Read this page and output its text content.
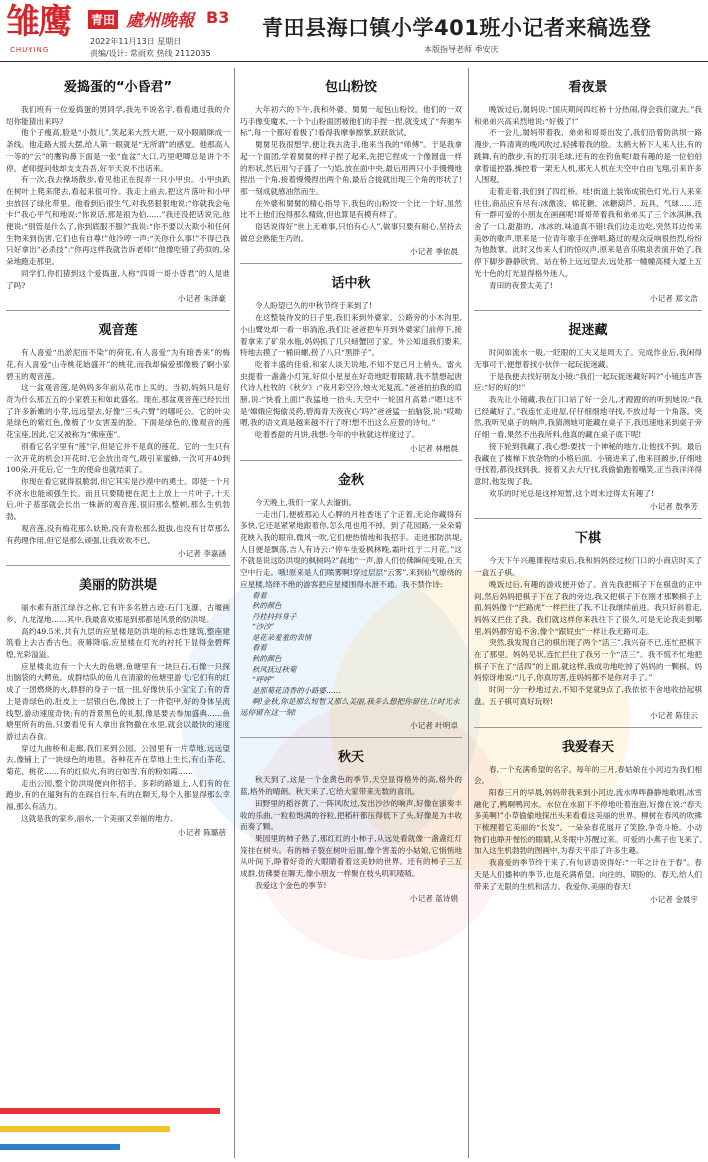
雏鹰
CHUYING
青田 處州晚報 B3
2022年11月13日 星期日
责编/设计: 常雨欢 热线 2112035
青田县海口镇小学401班小记者来稿选登
本版指导老师 季安庆
爱捣蛋的“小昏君”
我们班有一位爱捣蛋的男同学,我先不说名字,看看通过我的介绍你能猜出来吗?
他个子瘦高,脸是“小鼓儿”,笑起来大烈大堪,一双小眼睛眯成一条线。他走路大摇大摆,给人第一眼就是“无所谓”的感觉。他那高人一等的“云”的鹰钩鼻下面是一张“血盆”大口,巧里吧唧总是讲个不停。老师提问他却支支吾吾,好半天说不出话来。
有一次,我去操场散步,看见他正在捉弄一只小甲虫。小甲虫趴在树叶上爬来爬去,看起来很可怜。我走上前去,把这片落叶和小甲虫放回了绿化带里。他看到后很生气,对我恶狠狠地说:“你就我会龟卡!”我心平气和地说:“你说话,那是祖为伯……”我还没把话说完,他便说:“别管是什么了,你到底服不服?”我说:“你不要以大欺小和任何生物来到伤害,它们也有自尊!”他冷哼一声:“关你什么事!”不得已我只好拿出“必杀技”:“你再这样我就告诉老师!”他像吃错了药似的,朵朵地跑走那里。
同学们,你们猜到这个爱捣蛋,人称“四哥一哥小昏君”的人是谁了吗?
小记者 朱泽豪
观音莲
有人喜爱“出淤泥而不染”的荷花,有人喜爱“为有暗香来”的梅花,有人喜爱“山寺桃花始盛开”的桃花,而我却偏爱那像极了婀小家碧玉的观音莲。
这一盆观音莲,是妈妈多年前从花市上买的。当初,妈妈只是好奇为什么那五五的小家碧玉和如此盛名。现在,那盆观音莲已经长出了许多新嫩的小芽,远远望去,好像“三头六臂”的哪吒公。它的叶尖是绿色的紫红色,像极了少女害羞的脸。下面是绿色的,像观音的莲花宝座,因此,它又被称为“佛座莲”。
别看它名字里有“莲”字,但是它并不是真的莲花。它的一生只有一次开花的机会!开花时,它会放出奇气,吸引来蜜蜂,一次可开40到100朵,开花后,它一生的使命也就结束了。
你现在看它就得很脆弱,但它其实是沙漠中的勇士。即使一个月不浇水也能顽强生长。而且只要随便在泥土上放上一片叶子,十天后,叶子基部就会长出一株新的观音莲,很旧那么整顿,那么生机勃勃。
观音莲,没有梅花那么妖艳,没有青松那么挺拔,也没有甘草那么有药理作用,但它是那么顽强,让我欢欢不已。
小记者 李嘉涵
美丽的防洪堤
丽水素有浙江绿谷之称,它有许多名胜古迹:石门飞瀑、古堰画乡、九龙湿地……其中,我最喜欢那是到那都是风景的防洪堤。
高约49.5米,共有九层的应星楼是防洪堤的标志性建筑,整座建筑看上去古香古色。夜幕降临,应星楼在灯光的衬托下显得金碧辉煌,光彩溢溢。
应星楼北边有一个大大的鱼塘,鱼塘里有一块巨石,石像一只探出脑袋的大鳄鱼。成群结队的鱼儿在清澈的鱼塘里游弋:它们有的红成了一团燃烧的火,胖胖的身子一扭一扭,好像快乐小宝宝了;有的背上是青绿色的,肚皮上一层银白色,像披上了一件铠甲,好的身体呈流线型,游动速度奇快;有的背景黑色的礼服,像是要去参加盛典……鱼塘里所有的鱼,只要看见有人拿出食物撒在水里,就会以最快的速度游过去吞食。
穿过九曲桥和走廊,我们来到公园。公园里有一片草地,远远望去,像铺上了一块绿色的地毯。各种花卉在草地上生长,有山茶花、菊花、桃花……有的红似火,有的白如雪,有的粉如霞……
走出公园,整个防洪堤便向你招手。多彩的路道上,人们有的在跑步,有的在遛狗有的在踩自行车,有的在聊天,每个人都显得那么幸福,那么有活力。
这就是我的家乡,丽水,一个美丽又幸福的地方。
小记者 陈璐蓓
包山粉饺
大年初六的下午,我和外婆、舅舅一起包山粉饺。他们的一双巧手像变魔术,一个个山粉面团被他们的手捏一捏,就变成了“奔驰车标”,每一个都好看极了!看得我摩拳擦掌,跃跃欲试。
舅舅见我很想学,便让我去洗手,他来当我的“师傅”。于是我拿起一个面团,学着舅舅的样子捏了起来,先把它捏成一个像圆盘一样的形状,然后用勺子盛了一勺馅,放在面中央,最后用两只小手慢慢地捏出一个角,接着慢慢捏出两个角,最后合拢就出现三个角的形状了!那一刻成就感油然而生。
在外婆和舅舅的精心指导下,我包的山粉饺一个比一个好,虽然比不上他们包得那么精致,但也算是有模有样了。
俗话说得好“世上无难事,只怕有心人”,做事只要有耐心,坚持去做总会熟能生巧的。
小记者 季依晨
话中秋
令人盼望已久的中秋节终于来到了!
在这整装待发的日子里,我们来到外婆家。公路旁的小木沟里,小山鹭处却一看一串淌泡,我们让爸爸把车开到外婆家门前停下,接着拿来了矿泉水瓶,妈妈抓了几只螃蟹回了家。外公知道我们要来,特地去摸了一桶田螺,捞了八只“黑胖子”。
吃着丰盛的佳肴,和家人谈天说地,不知不觉已月上梢头。雷火虫提着一盏盏小灯笼,好似小星星在好奇地眨着眼睛,我不禁想起唐代诗人杜牧的《秋夕》:“夜月彩空冷,烛火光复流。”爸爸拍拍我的肩膀,说:“快看上面!”我猛地一抬头,天空中一轮国月高悬:“嗯!这不是‘嫦娥应悔偷灵药,碧海青天夜夜心’吗?”爸爸猛一拍脑袋,说:“哎呦喂,我的语文真是越来越不行了呀!想不出这么应景的诗句。”
吃着香甜的月饼,我想:今年的中秋就这样度过了。
小记者 林楷晨
金秋
今天晚上,我们一家人去遛街。
一走出门,便被那沁人心脾的月桂香迷了个正着,无论你藏得有多快,它还是紧紧地跟着你,怎么甩也甩不掉。到了花园路,一朵朵菊花映入我的眼帘,微风一吹,它们便热情地和我招手。走进那防洪堤,人目便是飘荡,吉人有诗云:“停车坐爱枫林晚,霜叶红于二月花。”这不就是说这防洪堤的枫树吗?”刹地“一声,游人们仿佛瞬间变哑,在天空中行走。哦!原来是人们喷雾啊!穿过层层“云雾”,来到仙气缭绕的应星楼,络绎不绝的游客把应星楼围得水泄不通。我不禁作诗:
看着
秋的颜色
丹桂抖抖身子
“沙沙”
是花朵羞羞的表情
看着
秋的颜色
秋风抚过秋菊
“呼呼”
是那菊花清香的小路婆……
啊!金秋,你是那么短暂又那么美丽,我多么想把你留住,让时光永远停留在这一刻!
小记者 叶明卓
秋天
秋天到了,这是一个金黄色的季节,天空显得格外的高,格外的蓝,格外的晴朗。秋天来了,它给大家带来无数的喜讯。
田野里的稻谷黄了,一阵风吹过,发出沙沙的响声,好像在演奏丰收的乐曲,一粒粒饱满的谷粒,把稻秆都压得低下了头,好像是为丰收而奏了颗。
果园里的柿子熟了,那红红的小柿子,从远处看就像一盏盏红灯笼挂在树头。有的柿子裂在树叶后面,像个害羞的小姑娘,它悄悄地从叶间下,睁着好奇的大眼睛看着这美妙的世界。还有的柿子三五成群,仿佛要在聊天,像小朋友一样聚在枝头叽叽喳喳。
我爱这个金色的季节!
小记者 蓝诗娟
看夜景
晚饭过后,舅妈说:“国庆期间四红桥十分热闹,得会我们就去。”我和弟弟兴高采烈地说:“好极了!”
不一会儿,舅妈带着我、弟弟和哥哥出发了,我们沿着防洪坝一路漫步,一阵清爽的晚风吹过,轻拂着我的脸。太鹤大桥下人来人往,有的跳舞,有的散步,有的打羽毛球,还有的在钓鱼呢!最有趣的是一位伯伯拿着遥控器,操控着一架无人机,那无人机在天空中自由飞翔,引来许多人围观。
走着走着,我们到了四红桥。哇!街道上装饰成银色灯光,行人来来往往,商品应有尽有:冰激凌、棉花糖、冰糖葫芦、玩具、气球……还有一群可爱的小朋友在画画呢!哥哥带着我和弟弟买了三个冰淇淋,我舍了一口,甜甜的、冰冰的,味道真不错!我们边走边吃,突然耳边传来美妙的歌声,原来是一位青年歌手在弹唱,路过的观众反响很热烈,纷纷为他鼓掌。此时又传来人们的惊叹声,原来是音乐喷泉表演开始了,我停下脚步静静欣赏。站在桥上远远望去,远处那一幢幢高楼大厦上五光十色的灯光显得格外迷人。
青田的夜景太美了!
小记者 郑文浩
捉迷藏
时间如流水一般,一眨眼的工夫又是周天了。完成作业后,我闲得无事可干,便想着找小伙伴一起玩捉迷藏。
于是我便去找好朋友小镜:“我们一起玩捉迷藏好吗?”小镜连声答应:“好的好的!”
我先让小镜藏,我在门口站了好一会儿,才蹬蹬的的听到她说:“我已经藏好了。”我连忙走进屋,仔仔细细地寻找,不放过每一个角落。突然,我听见桌子的响声,我猜测她可能藏在桌子下,我迅速地来到桌子旁仔细一看,果然不出我所料,他真的藏在桌子底下呢!
接下轮到我藏了,我心想:要找一个神秘的地方,让他找不到。最后我藏在了楼梯下放杂物的小格后面。小镜进来了,他来回踱步,仔细地寻找着,都没找到我。接着又去大厅找,我偷偷跑着嘴笑,正当我洋洋得意时,他发现了我。
欢乐的时光总是这样短暂,这个周末过得太有趣了!
小记者 敖季芳
下棋
今天下午兴趣课程结束后,我和妈妈经过校门口的小商店时买了一盒五子棋。
晚饭过后,有趣的游戏便开始了。首先我把棋子下在棋盘的正中间,然后妈妈把棋子下在了我的旁边,我又把棋子下在刚才那颗棋子上面,妈妈像个“拦路虎”一样拦住了我,不让我继续前进。我只好斜着走,妈妈又拦住了我。我们就这样你来我往下了很久,可是无论我走到哪里,妈妈都穷追不舍,像个“跟屁虫”一样让我无路可走。
突然,我发现自己的棋出现了两个“活三”,我兴奋不已,连忙把棋下在了那里。妈妈见状,连忙拦住了我另一个“活三”。我不慌不忙地把棋子下在了“活四”的上面,就这样,我成功地吃掉了妈妈的一颗棋。妈妈惊讶地说:“儿子,你真厉害,连妈妈都不是你对手了。”
时间一分一秒地过去,不知不觉就9点了,我依依不舍地收拾起棋盘。五子棋可真好玩呀!
小记者 陈佳云
我爱春天
春,一个充满希望的名字。每年的三月,春姑娘在小河边为我们相会。
阳春三月的早晨,妈妈带我来到小河边,流水哗哗静静地歌唱,冰雪融化了,鸭啊鸭河水。水位在水面下不停地吐着泡泡,好像在说:“春天多美啊!”小草偷偷地探出头来看看这美丽的世界。柳树在春风的吹拂下梳理着它美丽的“长发”。一朵朵春花展开了笑脸,争奇斗艳。小动物们也睁开惺忪的眼睛,从冬眠中苏醒过来。可爱的小燕子也飞来了,加入这生机勃勃的图画中,为春天平添了许多生趣。
我喜爱的季节终于来了,有句谚语说得好:“一年之计在于春”。春天是人们播种的季节,也是充满希望、向往的、期盼的。春天,给人们带来了无限的生机和活力。我爱你,美丽的春天!
小记者 金晨宇
